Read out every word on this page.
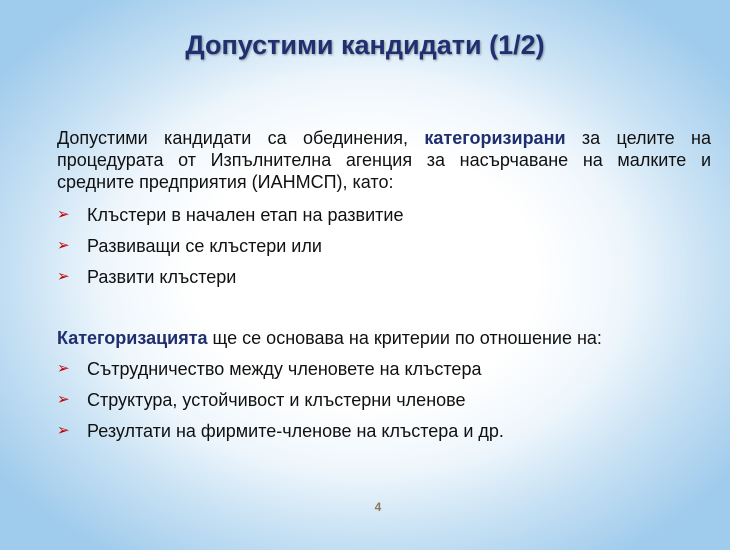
Допустими кандидати (1/2)

Допустими кандидати са обединения, категоризирани за целите на процедурата от Изпълнителна агенция за насърчаване на малките и средните предприятия (ИАНМСП), като:

➢ Клъстери в начален етап на развитие
➢ Развиващи се клъстери или
➢ Развити клъстери

Категоризацията ще се основава на критерии по отношение на:

➢ Сътрудничество между членовете на клъстера
➢ Структура, устойчивост и клъстерни членове
➢ Резултати на фирмите-членове на клъстера и др.
4
